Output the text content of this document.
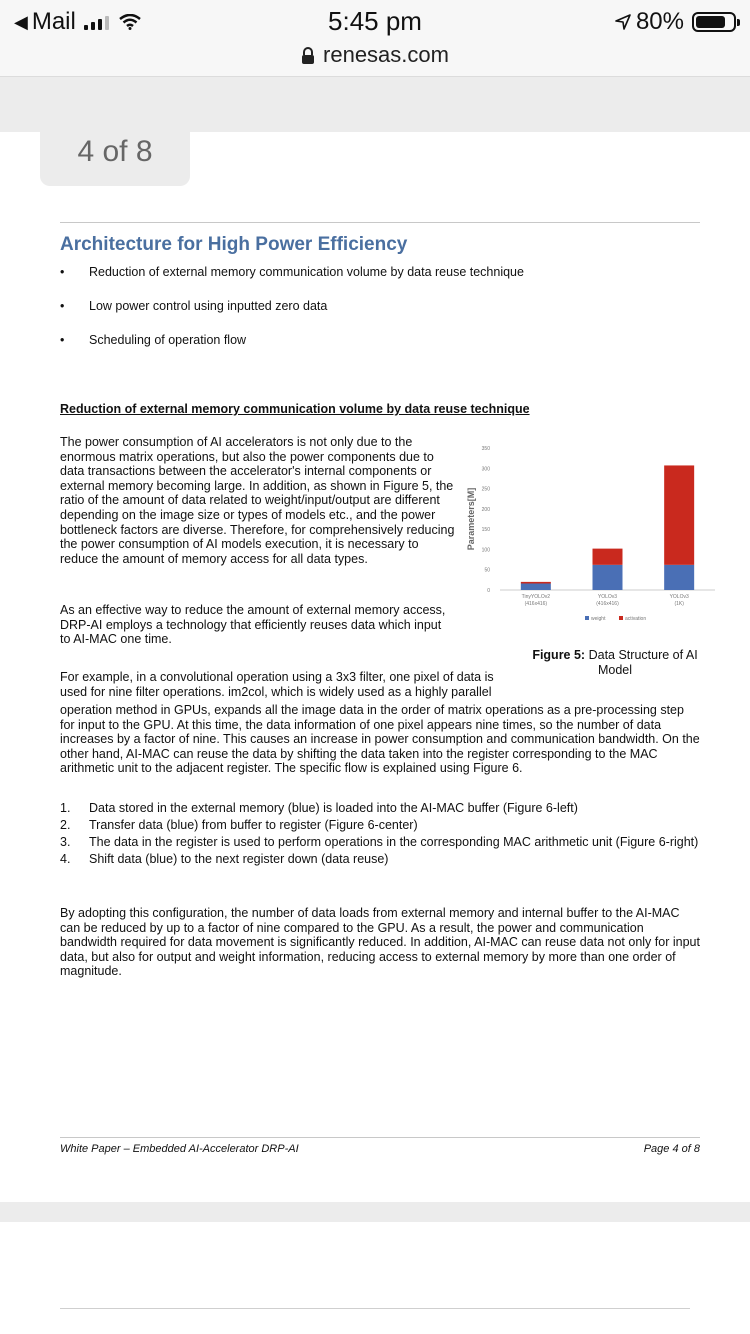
◀ Mail	5:45 pm
renesas.com
80%
Architecture for High Power Efficiency
• Reduction of external memory communication volume by data reuse technique
• Low power control using inputted zero data
• Scheduling of operation flow
Reduction of external memory communication volume by data reuse technique

The power consumption of AI accelerators is not only due to the enormous matrix operations, but also the power components due to data transactions between the accelerator's internal components or external memory becoming large. In addition, as shown in Figure 5, the ratio of the amount of data related to weight/input/output are different depending on the image size or types of models etc., and the power bottleneck factors are diverse. Therefore, for comprehensively reducing the power consumption of AI models execution, it is necessary to reduce the amount of memory access for all data types.

As an effective way to reduce the amount of external memory access, DRP-AI employs a technology that efficiently reuses data which input to AI-MAC one time.

Parameters[M]
0
50
100
150
200
250
300
350
TinyYOLOv2
(416x416)
YOLOv3
(416x416)
YOLOv3
(1K)
weight	activation
Figure 5: Data Structure of AI Model

For example, in a convolutional operation using a 3x3 filter, one pixel of data is used for nine filter operations. im2col, which is widely used as a highly parallel

operation method in GPUs, expands all the image data in the order of matrix operations as a pre-processing step for input to the GPU. At this time, the data information of one pixel appears nine times, so the number of data increases by a factor of nine. This causes an increase in power consumption and communication bandwidth. On the other hand, AI-MAC can reuse the data by shifting the data taken into the register corresponding to the MAC arithmetic unit to the adjacent register. The specific flow is explained using Figure 6.

1. Data stored in the external memory (blue) is loaded into the AI-MAC buffer (Figure 6-left)
2. Transfer data (blue) from buffer to register (Figure 6-center)
3. The data in the register is used to perform operations in the corresponding MAC arithmetic unit (Figure 6-right)
4. Shift data (blue) to the next register down (data reuse)

By adopting this configuration, the number of data loads from external memory and internal buffer to the AI-MAC can be reduced by up to a factor of nine compared to the GPU. As a result, the power and communication bandwidth required for data movement is significantly reduced. In addition, AI-MAC can reuse data not only for input data, but also for output and weight information, reducing access to external memory by more than one order of magnitude.

White Paper – Embedded AI-Accelerator DRP-AI	Page 4 of 8
4 of 8
